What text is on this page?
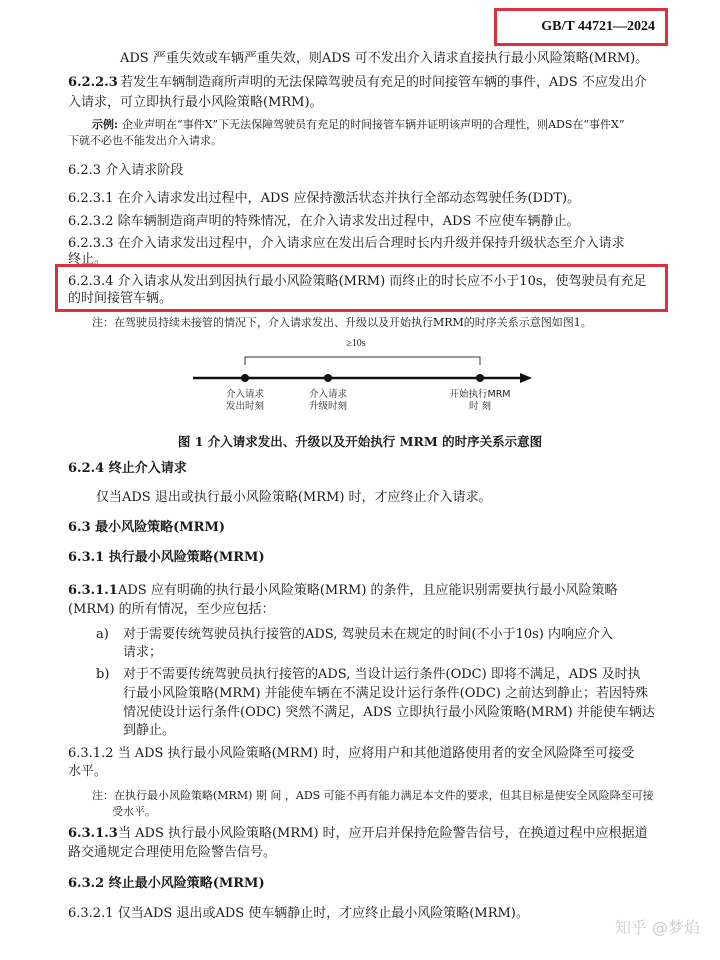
GB/T 44721—2024
ADS 严重失效或车辆严重失效，则ADS 可不发出介入请求直接执行最小风险策略(MRM)。
6.2.2.3 若发生车辆制造商所声明的无法保障驾驶员有充足的时间接管车辆的事件，ADS 不应发出介
入请求，可立即执行最小风险策略(MRM)。
示例: 企业声明在“事件X”下无法保障驾驶员有充足的时间接管车辆并证明该声明的合理性，则ADS在“事件X”
下就不必也不能发出介入请求。
6.2.3 介入请求阶段
6.2.3.1 在介入请求发出过程中，ADS 应保持激活状态并执行全部动态驾驶任务(DDT)。
6.2.3.2 除车辆制造商声明的特殊情况，在介入请求发出过程中，ADS 不应使车辆静止。
6.2.3.3 在介入请求发出过程中，介入请求应在发出后合理时长内升级并保持升级状态至介入请求
终止。
6.2.3.4 介入请求从发出到因执行最小风险策略(MRM) 而终止的时长应不小于10s，使驾驶员有充足
的时间接管车辆。
注：在驾驶员持续未接管的情况下，介入请求发出、升级以及开始执行MRM的时序关系示意图如图1。
≥10s
介入请求
发出时刻
介入请求
升级时刻
开始执行MRM
时 刻
图 1 介入请求发出、升级以及开始执行 MRM 的时序关系示意图
6.2.4 终止介入请求
仅当ADS 退出或执行最小风险策略(MRM) 时，才应终止介入请求。
6.3 最小风险策略(MRM)
6.3.1 执行最小风险策略(MRM)
6.3.1.1 ADS 应有明确的执行最小风险策略(MRM) 的条件，且应能识别需要执行最小风险策略
(MRM) 的所有情况，至少应包括：
a) 对于需要传统驾驶员执行接管的ADS, 驾驶员未在规定的时间(不小于10s) 内响应介入
请求；
b) 对于不需要传统驾驶员执行接管的ADS, 当设计运行条件(ODC) 即将不满足，ADS 及时执
行最小风险策略(MRM) 并能使车辆在不满足设计运行条件(ODC) 之前达到静止；若因特殊
情况使设计运行条件(ODC) 突然不满足，ADS 立即执行最小风险策略(MRM) 并能使车辆达
到静止。
6.3.1.2 当 ADS 执行最小风险策略(MRM) 时，应将用户和其他道路使用者的安全风险降至可接受
水平。
注：在执行最小风险策略(MRM) 期 间 ，ADS 可能不再有能力满足本文件的要求，但其目标是使安全风险降至可接
受水平。
6.3.1.3 当 ADS 执行最小风险策略(MRM) 时，应开启并保持危险警告信号，在换道过程中应根据道
路交通规定合理使用危险警告信号。
6.3.2 终止最小风险策略(MRM)
6.3.2.1 仅当ADS 退出或ADS 使车辆静止时，才应终止最小风险策略(MRM)。
知乎 @梦焰
